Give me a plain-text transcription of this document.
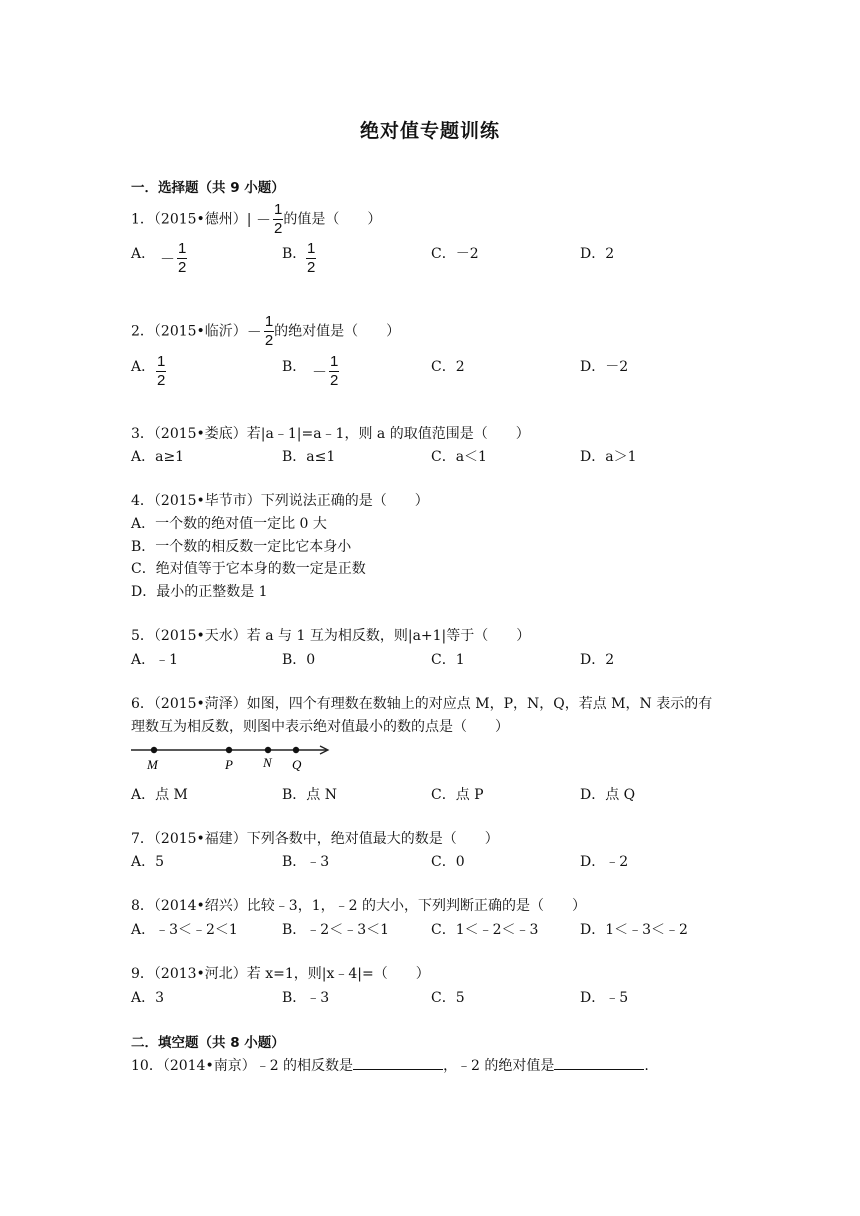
绝对值专题训练
一．选择题（共 9 小题）
1．（2015•德州）| － $\frac{1}{2}$ 的值是（　　）
A． － $\frac{1}{2}$	B． $\frac{1}{2}$	C．－2	D．2
2．（2015•临沂）－ $\frac{1}{2}$ 的绝对值是（　　）
A． $\frac{1}{2}$	B． － $\frac{1}{2}$	C．2	D．－2
3．（2015•娄底）若|a﹣1|=a﹣1，则 a 的取值范围是（　　）
A．a≥1	B．a≤1	C．a＜1	D．a＞1
4．（2015•毕节市）下列说法正确的是（　　）
A．一个数的绝对值一定比 0 大
B．一个数的相反数一定比它本身小
C．绝对值等于它本身的数一定是正数
D．最小的正整数是 1
5．（2015•天水）若 a 与 1 互为相反数，则|a+1|等于（　　）
A．﹣1	B．0	C．1	D．2
6．（2015•菏泽）如图，四个有理数在数轴上的对应点 M，P，N，Q，若点 M，N 表示的有
理数互为相反数，则图中表示绝对值最小的数的点是（　　）
M	P N Q
A．点 M	B．点 N	C．点 P	D．点 Q
7．（2015•福建）下列各数中，绝对值最大的数是（　　）
A．5	B．﹣3	C．0	D．﹣2
8．（2014•绍兴）比较﹣3，1，﹣2 的大小，下列判断正确的是（　　）
A．﹣3＜﹣2＜1	B．﹣2＜﹣3＜1	C．1＜﹣2＜﹣3	D．1＜﹣3＜﹣2
9．（2013•河北）若 x=1，则|x﹣4|=（　　）
A．3	B．﹣3	C．5	D．﹣5
二．填空题（共 8 小题）
10．（2014•南京）﹣2 的相反数是	，﹣2 的绝对值是	.
